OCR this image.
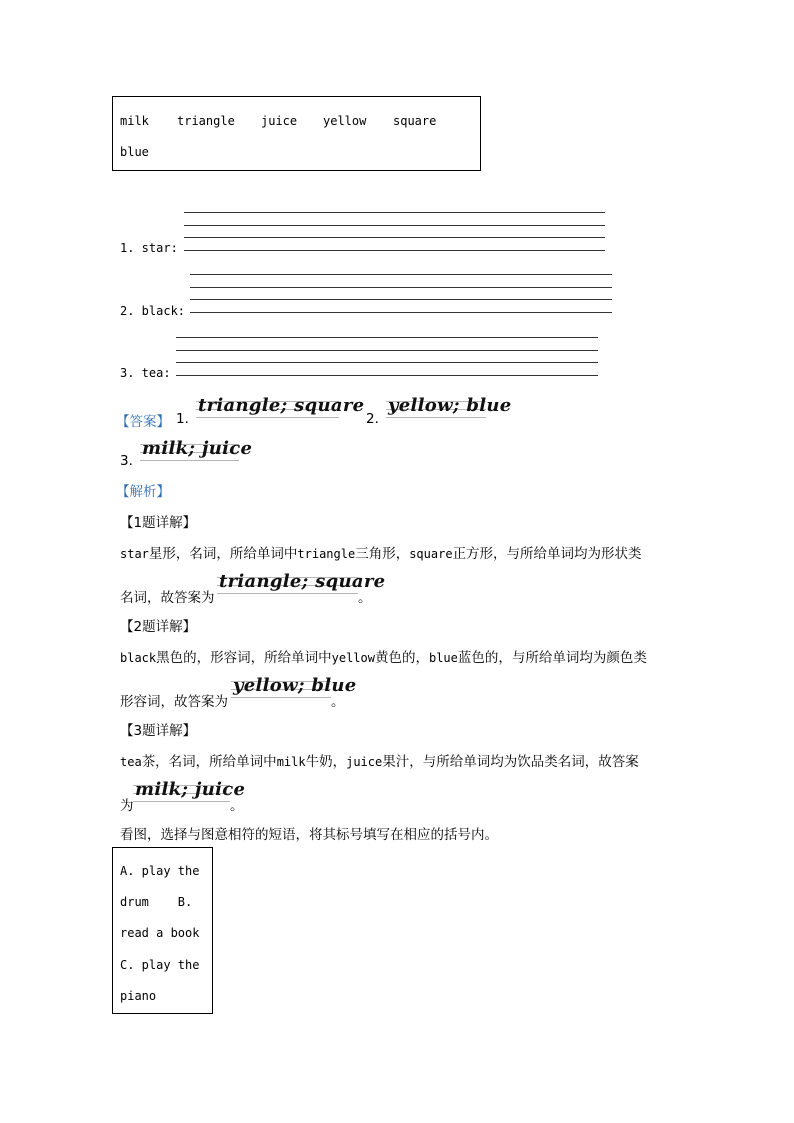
milk triangle juice yellow square
blue
1. star:
2. black:
3. tea:
【答案】 1.
triangle; square
2.
yellow; blue
3.
milk; juice
【解析】
【1题详解】
star星形，名词，所给单词中triangle三角形，square正方形，与所给单词均为形状类
名词，故答案为
triangle; square
。
【2题详解】
black黑色的，形容词，所给单词中yellow黄色的，blue蓝色的，与所给单词均为颜色类
形容词，故答案为
yellow; blue
。
【3题详解】
tea茶，名词，所给单词中milk牛奶，juice果汁，与所给单词均为饮品类名词，故答案
为
milk; juice
。
看图，选择与图意相符的短语，将其标号填写在相应的括号内。
A. play the
drum    B.
read a book
C. play the
piano
